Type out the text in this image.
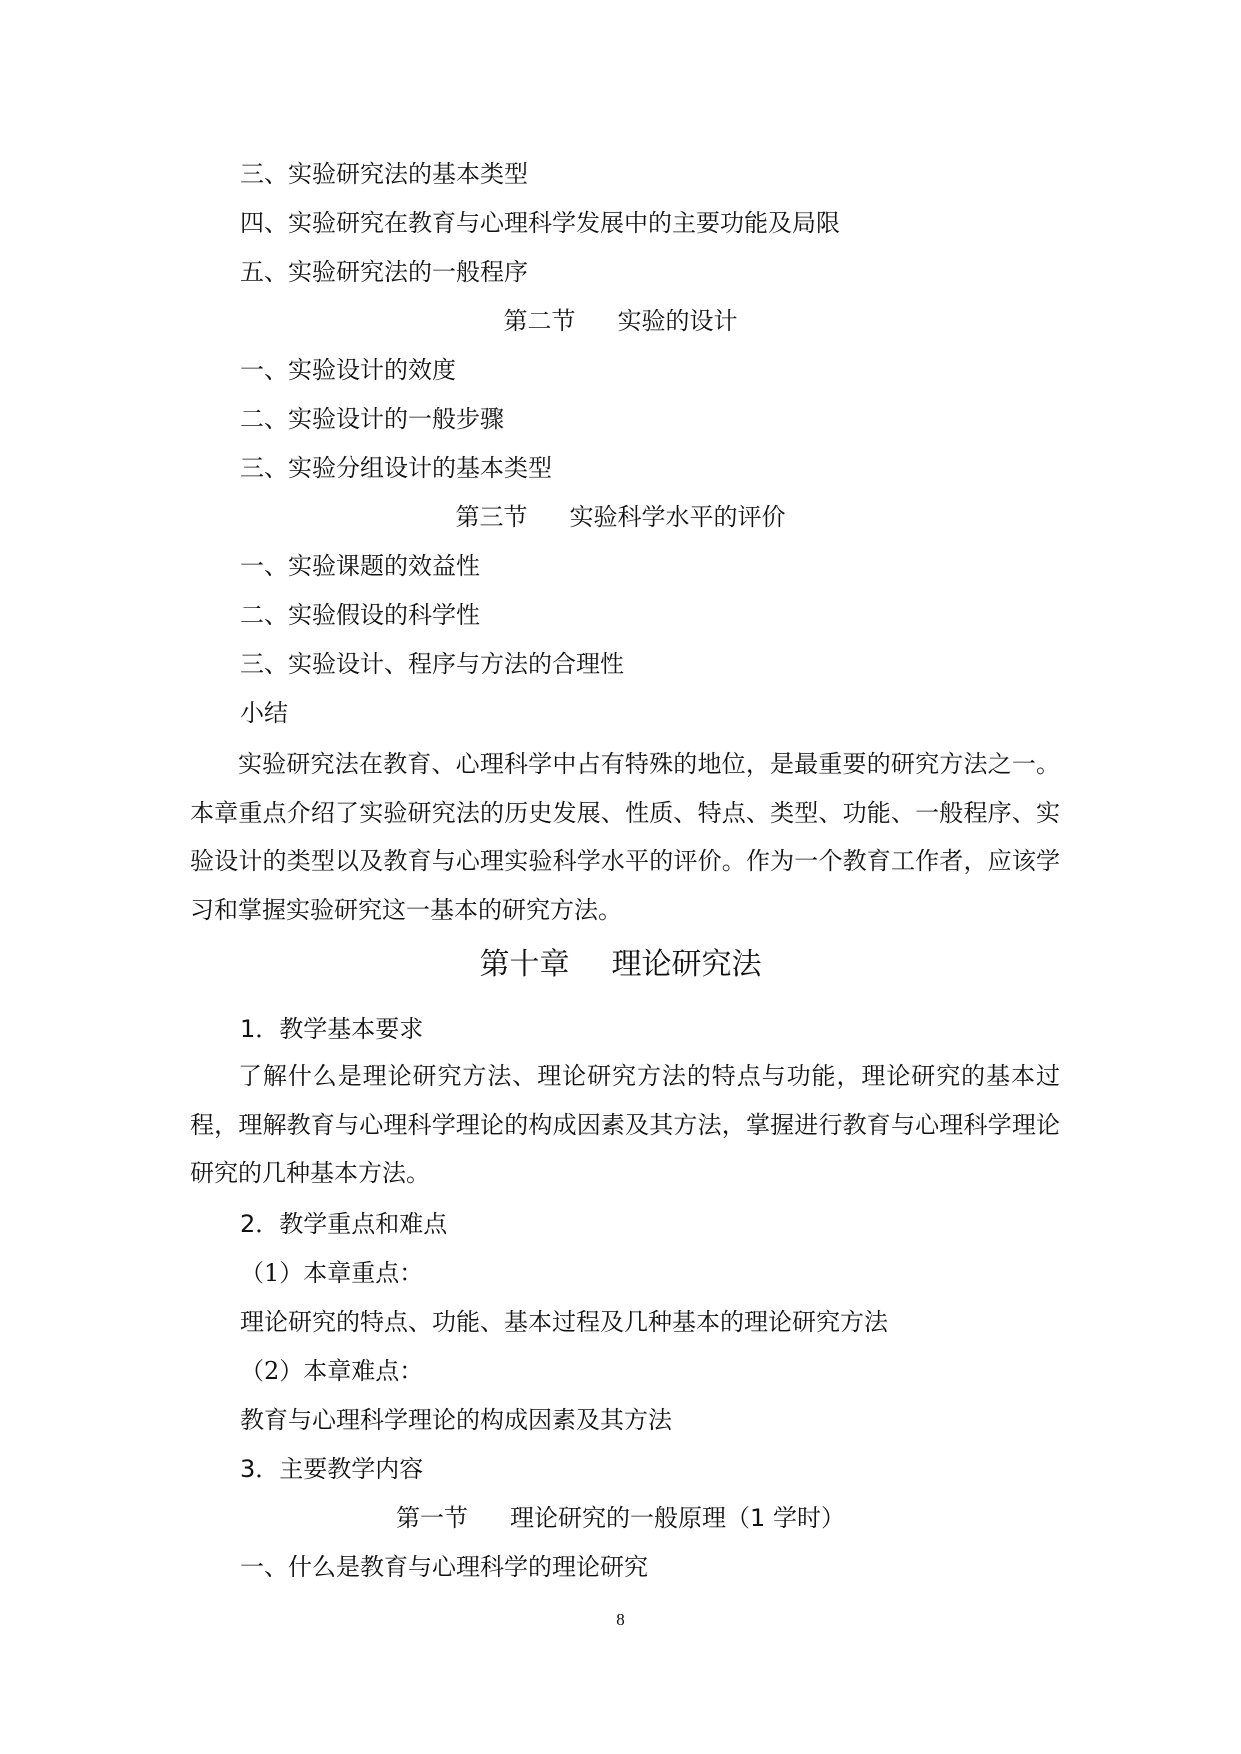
三、实验研究法的基本类型
四、实验研究在教育与心理科学发展中的主要功能及局限
五、实验研究法的一般程序
第二节 实验的设计
一、实验设计的效度
二、实验设计的一般步骤
三、实验分组设计的基本类型
第三节 实验科学水平的评价
一、实验课题的效益性
二、实验假设的科学性
三、实验设计、程序与方法的合理性
小结

实验研究法在教育、心理科学中占有特殊的地位，是最重要的研究方法之一。本章重点介绍了实验研究法的历史发展、性质、特点、类型、功能、一般程序、实验设计的类型以及教育与心理实验科学水平的评价。作为一个教育工作者，应该学习和掌握实验研究这一基本的研究方法。

第十章 理论研究法
1．教学基本要求

了解什么是理论研究方法、理论研究方法的特点与功能，理论研究的基本过程，理解教育与心理科学理论的构成因素及其方法，掌握进行教育与心理科学理论研究的几种基本方法。

2．教学重点和难点
（1）本章重点：
理论研究的特点、功能、基本过程及几种基本的理论研究方法
（2）本章难点：
教育与心理科学理论的构成因素及其方法
3．主要教学内容
第一节 理论研究的一般原理（1 学时）
一、什么是教育与心理科学的理论研究
8
